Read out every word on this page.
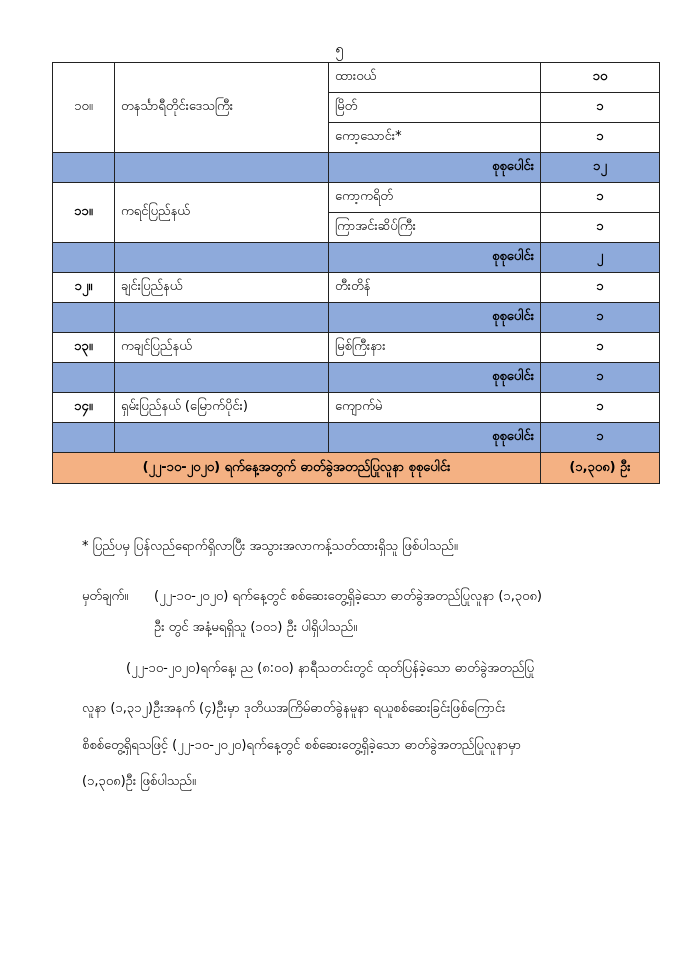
၅
၁၀။	တနင်္သာရီတိုင်းဒေသကြီး	ထားဝယ်	၁၀
		မြိတ်	၁
		ကော့သောင်း*	၁
		စုစုပေါင်း	၁၂
၁၁။	ကရင်ပြည်နယ်	ကော့ကရိတ်	၁
		ကြာအင်းဆိပ်ကြီး	၁
		စုစုပေါင်း	၂
၁၂။	ချင်းပြည်နယ်	တီးတိန်	၁
		စုစုပေါင်း	၁
၁၃။	ကချင်ပြည်နယ်	မြစ်ကြီးနား	၁
		စုစုပေါင်း	၁
၁၄။	ရှမ်းပြည်နယ် (မြောက်ပိုင်း)	ကျောက်မဲ	၁
		စုစုပေါင်း	၁
(၂၂-၁၀-၂၀၂၀) ရက်နေ့အတွက် ဓာတ်ခွဲအတည်ပြုလူနာ စုစုပေါင်း			(၁,၃၀၈) ဦး
* ပြည်ပမှ ပြန်လည်ရောက်ရှိလာပြီး အသွားအလာကန့်သတ်ထားရှိသူ ဖြစ်ပါသည်။
မှတ်ချက်။ (၂၂-၁၀-၂၀၂၀) ရက်နေ့တွင် စစ်ဆေးတွေ့ရှိခဲ့သော ဓာတ်ခွဲအတည်ပြုလူနာ (၁,၃၀၈)
ဦး တွင် အနံ့မရရှိသူ (၁၀၁) ဦး ပါရှိပါသည်။
(၂၂-၁၀-၂၀၂၀)ရက်နေ့၊ ည (၈:၀၀) နာရီသတင်းတွင် ထုတ်ပြန်ခဲ့သော ဓာတ်ခွဲအတည်ပြု
လူနာ (၁,၃၁၂)ဦးအနက် (၄)ဦးမှာ ဒုတိယအကြိမ်ဓာတ်ခွဲနမူနာ ရယူစစ်ဆေးခြင်းဖြစ်ကြောင်း
စိစစ်တွေ့ရှိရသဖြင့် (၂၂-၁၀-၂၀၂၀)ရက်နေ့တွင် စစ်ဆေးတွေ့ရှိခဲ့သော ဓာတ်ခွဲအတည်ပြုလူနာမှာ
(၁,၃၀၈)ဦး ဖြစ်ပါသည်။
